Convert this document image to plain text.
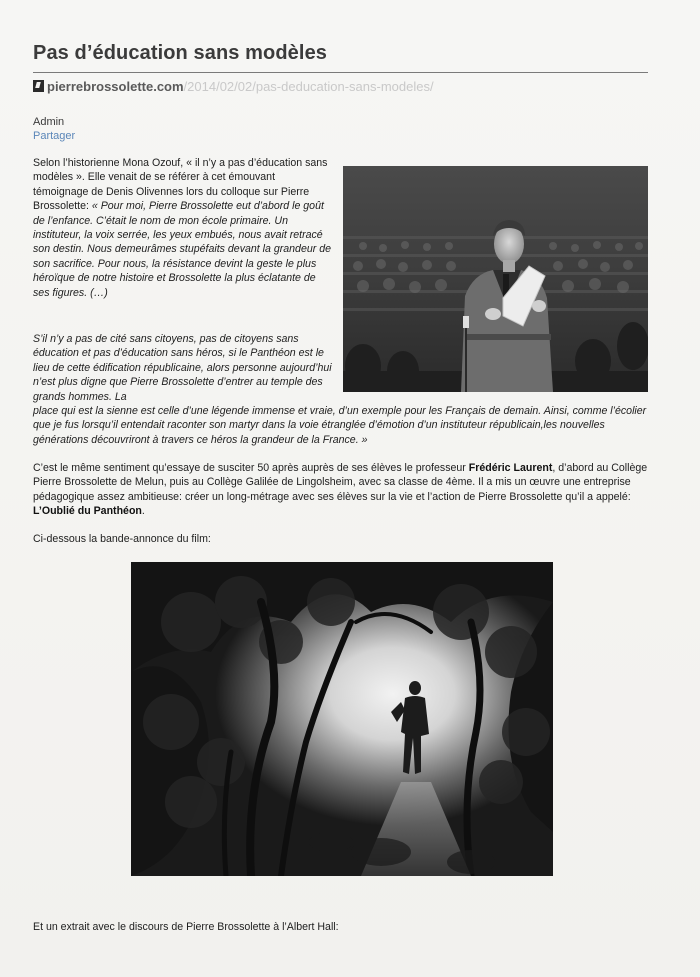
Pas d’éducation sans modèles
pierrebrossolette.com/2014/02/02/pas-deducation-sans-modeles/
Admin
Partager

Selon l’historienne Mona Ozouf, « il n’y a pas d’éducation sans modèles ». Elle venait de se référer à cet émouvant témoignage de Denis Olivennes lors du colloque sur Pierre Brossolette: « Pour moi, Pierre Brossolette eut d’abord le goût de l’enfance. C’était le nom de mon école primaire. Un instituteur, la voix serrée, les yeux embués, nous avait retracé son destin. Nous demeurâmes stupéfaits devant la grandeur de son sacrifice. Pour nous, la résistance devint la geste le plus héroïque de notre histoire et Brossolette la plus éclatante de ses figures. (…)

S’il n’y a pas de cité sans citoyens, pas de citoyens sans éducation et pas d’éducation sans héros, si le Panthéon est le lieu de cette édification républicaine, alors personne aujourd’hui n’est plus digne que Pierre Brossolette d’entrer au temple des grands hommes. La
place qui est la sienne est celle d’une légende immense et vraie, d’un exemple pour les Français de demain. Ainsi, comme l’écolier que je fus lorsqu’il entendait raconter son martyr dans la voie étranglée d’émotion d’un instituteur républicain,les nouvelles générations découvriront à travers ce héros la grandeur de la France. »

C’est le même sentiment qu’essaye de susciter 50 après auprès de ses élèves le professeur Frédéric Laurent, d’abord au Collège Pierre Brossolette de Melun, puis au Collège Galilée de Lingolsheim, avec sa classe de 4ème. Il a mis un œuvre une entreprise pédagogique assez ambitieuse: créer un long-métrage avec ses élèves sur la vie et l’action de Pierre Brossolette qu’il a appelé: L’Oublié du Panthéon.

Ci-dessous la bande-annonce du film:

Et un extrait avec le discours de Pierre Brossolette à l’Albert Hall:
